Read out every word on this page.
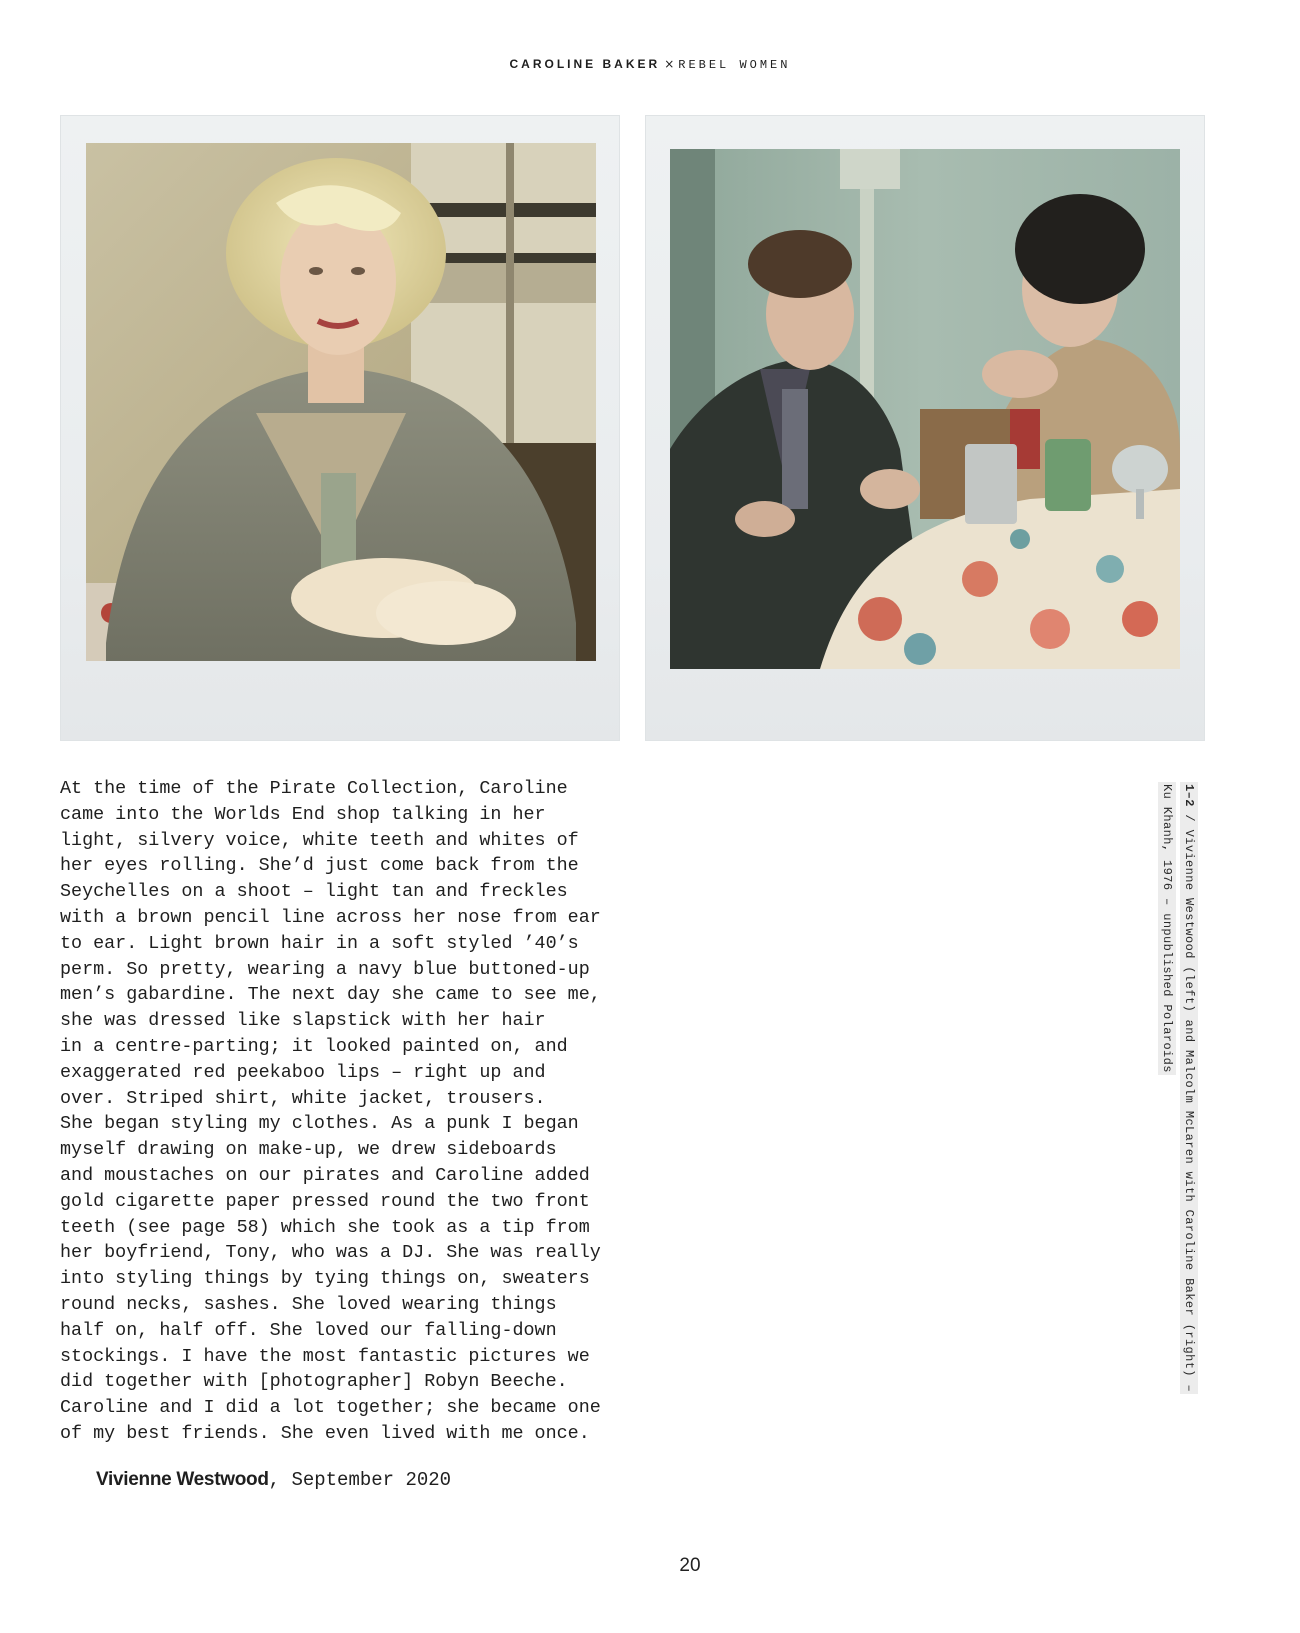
CAROLINE BAKER × REBEL WOMEN
At the time of the Pirate Collection, Caroline
came into the Worlds End shop talking in her
light, silvery voice, white teeth and whites of
her eyes rolling. She’d just come back from the
Seychelles on a shoot – light tan and freckles
with a brown pencil line across her nose from ear
to ear. Light brown hair in a soft styled ’40’s
perm. So pretty, wearing a navy blue buttoned-up
men’s gabardine. The next day she came to see me,
she was dressed like slapstick with her hair
in a centre-parting; it looked painted on, and
exaggerated red peekaboo lips – right up and
over. Striped shirt, white jacket, trousers.
She began styling my clothes. As a punk I began
myself drawing on make-up, we drew sideboards
and moustaches on our pirates and Caroline added
gold cigarette paper pressed round the two front
teeth (see page 58) which she took as a tip from
her boyfriend, Tony, who was a DJ. She was really
into styling things by tying things on, sweaters
round necks, sashes. She loved wearing things
half on, half off. She loved our falling-down
stockings. I have the most fantastic pictures we
did together with [photographer] Robyn Beeche.
Caroline and I did a lot together; she became one
of my best friends. She even lived with me once.
Vivienne Westwood, September 2020
1–2 / Vivienne Westwood (left) and Malcolm McLaren with Caroline Baker (right) –
Ku Khanh, 1976 – unpublished Polaroids
20
